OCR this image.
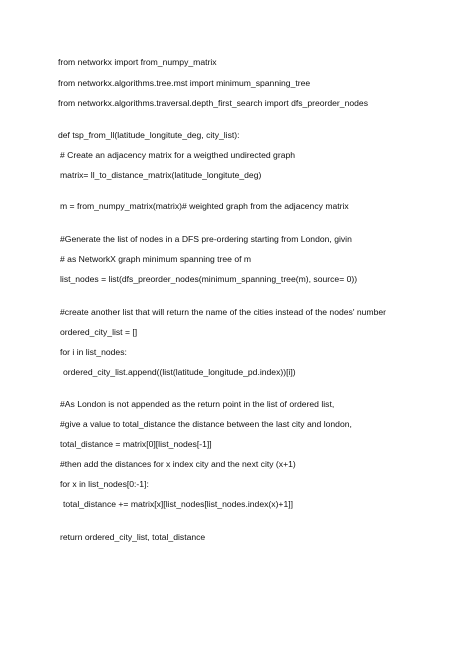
from networkx import from_numpy_matrix
from networkx.algorithms.tree.mst import minimum_spanning_tree
from networkx.algorithms.traversal.depth_first_search import dfs_preorder_nodes
def tsp_from_ll(latitude_longitute_deg, city_list):
# Create an adjacency matrix for a weigthed undirected graph
matrix= ll_to_distance_matrix(latitude_longitute_deg)
m = from_numpy_matrix(matrix)# weighted graph from the adjacency matrix
#Generate the list of nodes in a DFS pre-ordering starting from London, givin
# as NetworkX graph minimum spanning tree of m
list_nodes = list(dfs_preorder_nodes(minimum_spanning_tree(m), source= 0))
#create another list that will return the name of the cities instead of the nodes' number
ordered_city_list = []
for i in list_nodes:
ordered_city_list.append((list(latitude_longitude_pd.index))[i])
#As London is not appended as the return point in the list of ordered list,
#give a value to total_distance the distance between the last city and london,
total_distance = matrix[0][list_nodes[-1]]
#then add the distances for x index city and the next city (x+1)
for x in list_nodes[0:-1]:
total_distance += matrix[x][list_nodes[list_nodes.index(x)+1]]
return ordered_city_list, total_distance
